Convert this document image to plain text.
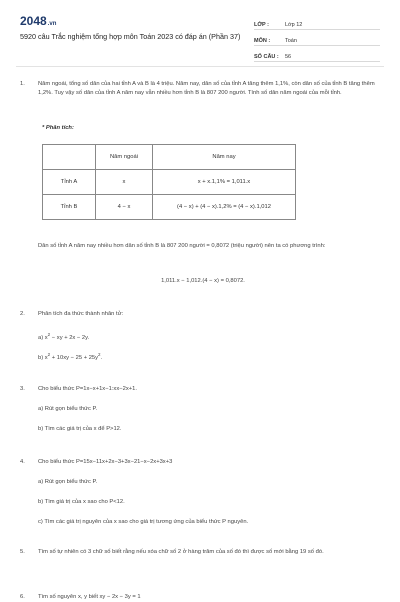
2048.vn
5920 câu Trắc nghiệm tổng hợp môn Toán 2023 có đáp án (Phần 37)
LỚP :	Lớp 12
MÔN :	Toán
SỐ CÂU :	56
1. Năm ngoái, tổng số dân của hai tỉnh A và B là 4 triệu. Năm nay, dân số của tỉnh A tăng thêm 1,1%, còn dân số của tỉnh B tăng thêm 1,2%. Tuy vậy số dân của tỉnh A năm nay vẫn nhiều hơn tỉnh B là 807 200 người. Tính số dân năm ngoái của mỗi tỉnh.
* Phân tích:
	Năm ngoái	Năm nay
Tỉnh A	x	x + x.1,1% = 1,011.x
Tỉnh B	4 − x	(4 − x) + (4 − x).1,2% = (4 − x).1,012
Dân số tỉnh A năm nay nhiều hơn dân số tỉnh B là 807 200 người = 0,8072 (triệu người) nên ta có phương trình:
1,011.x − 1,012.(4 − x) = 0,8072.
2. Phân tích đa thức thành nhân tử:
a) $x^2$ − xy + 2x − 2y.
b) $x^2 + 10xy - 25 + 25y^2$.
3. Cho biểu thức P=1x−x+1x−1:xx−2x+1.
a) Rút gọn biểu thức P.
b) Tìm các giá trị của x để P>12.
4. Cho biểu thức P=15x−11x+2x−3+3x−21−x−2x+3x+3
a) Rút gọn biểu thức P.
b) Tìm giá trị của x sao cho P<12.
c) Tìm các giá trị nguyên của x sao cho giá trị tương ứng của biểu thức P nguyên.
5. Tìm số tự nhiên có 3 chữ số biết rằng nếu xóa chữ số 2 ở hàng trăm của số đó thì được số mới bằng 19 số đó.
6. Tìm số nguyên x, y biết xy − 2x − 3y = 1
